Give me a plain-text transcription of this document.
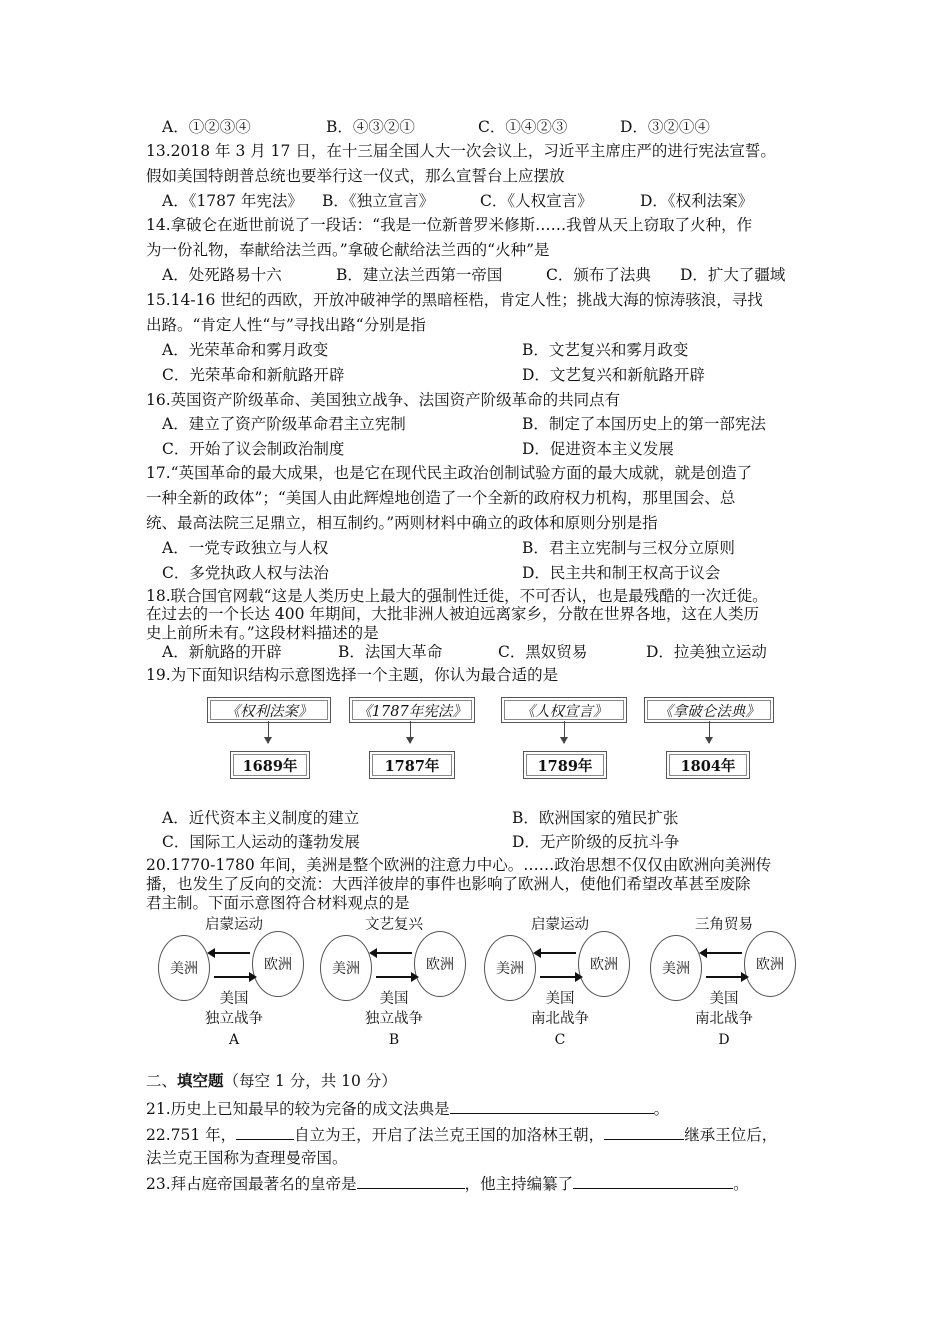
A．①②③④	B．④③②①	C．①④②③	D．③②①④
13.2018 年 3 月 17 日，在十三届全国人大一次会议上，习近平主席庄严的进行宪法宣誓。
假如美国特朗普总统也要举行这一仪式，那么宣誓台上应摆放
A．《1787 年宪法》 B．《独立宣言》	C．《人权宣言》	D．《权利法案》
14.拿破仑在逝世前说了一段话：“我是一位新普罗米修斯……我曾从天上窃取了火种，作
为一份礼物，奉献给法兰西。”拿破仑献给法兰西的“火种”是
A．处死路易十六	B．建立法兰西第一帝国	C．颁布了法典 D．扩大了疆域
15.14-16 世纪的西欧，开放冲破神学的黑暗桎梏，肯定人性；挑战大海的惊涛骇浪，寻找
出路。“肯定人性“与”寻找出路“分别是指
A．光荣革命和雾月政变	B．文艺复兴和雾月政变
C．光荣革命和新航路开辟	D．文艺复兴和新航路开辟
16.英国资产阶级革命、美国独立战争、法国资产阶级革命的共同点有
A．建立了资产阶级革命君主立宪制	B．制定了本国历史上的第一部宪法
C．开始了议会制政治制度	D．促进资本主义发展
17.“英国革命的最大成果，也是它在现代民主政治创制试验方面的最大成就，就是创造了
一种全新的政体”；“美国人由此辉煌地创造了一个全新的政府权力机构，那里国会、总
统、最高法院三足鼎立，相互制约。”两则材料中确立的政体和原则分别是指
A．一党专政独立与人权	B．君主立宪制与三权分立原则
C．多党执政人权与法治	D．民主共和制王权高于议会
18.联合国官网载“这是人类历史上最大的强制性迁徙，不可否认，也是最残酷的一次迁徙。
在过去的一个长达 400 年期间，大批非洲人被迫远离家乡，分散在世界各地，这在人类历
史上前所未有。”这段材料描述的是
A．新航路的开辟	B．法国大革命	C．黑奴贸易	D．拉美独立运动
19.为下面知识结构示意图选择一个主题，你认为最合适的是
《权利法案》
1689年
《1787年宪法》
1787年
《人权宣言》
1789年
《拿破仑法典》
1804年
A．近代资本主义制度的建立	B．欧洲国家的殖民扩张
C．国际工人运动的蓬勃发展	D．无产阶级的反抗斗争
20.1770-1780 年间，美洲是整个欧洲的注意力中心。……政治思想不仅仅由欧洲向美洲传
播，也发生了反向的交流：大西洋彼岸的事件也影响了欧洲人，使他们希望改革甚至废除
君主制。下面示意图符合材料观点的是
启蒙运动
美洲	欧洲
美国
独立战争
A
文艺复兴
美洲	欧洲
美国
独立战争
B
启蒙运动
美洲	欧洲
美国
南北战争
C
三角贸易
美洲	欧洲
美国
南北战争
D
二、填空题（每空 1 分，共 10 分）
21.历史上已知最早的较为完备的成文法典是	。
22.751 年，	自立为王，开启了法兰克王国的加洛林王朝，	继承王位后，
法兰克王国称为查理曼帝国。
23.拜占庭帝国最著名的皇帝是	，他主持编纂了	。
